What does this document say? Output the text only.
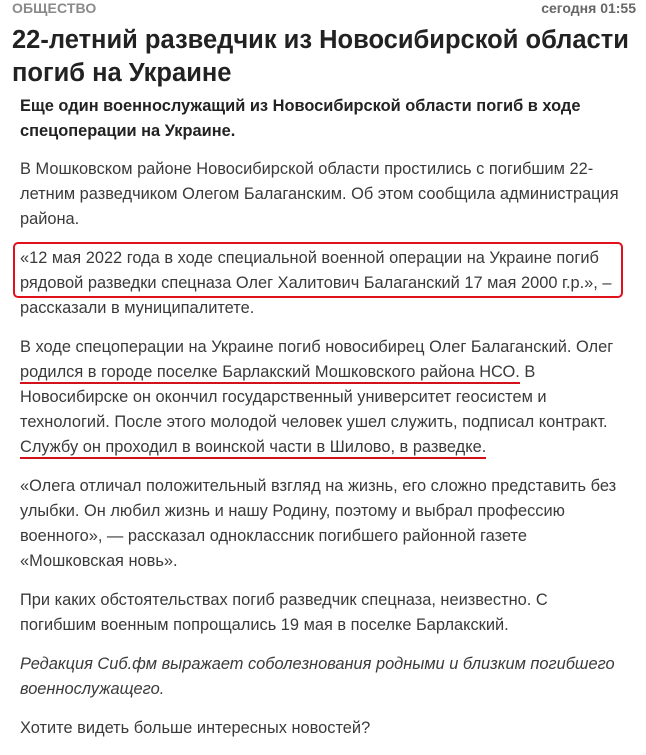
ОБЩЕСТВО	сегодня 01:55
22-летний разведчик из Новосибирской области погиб на Украине

Еще один военнослужащий из Новосибирской области погиб в ходе спецоперации на Украине.

В Мошковском районе Новосибирской области простились с погибшим 22-летним разведчиком Олегом Балаганским. Об этом сообщила администрация района.

«12 мая 2022 года в ходе специальной военной операции на Украине погиб рядовой разведки спецназа Олег Халитович Балаганский 17 мая 2000 г.р.», – рассказали в муниципалитете.

В ходе спецоперации на Украине погиб новосибирец Олег Балаганский. Олег родился в городе поселке Барлакский Мошковского района НСО. В Новосибирске он окончил государственный университет геосистем и технологий. После этого молодой человек ушел служить, подписал контракт. Службу он проходил в воинской части в Шилово, в разведке.

«Олега отличал положительный взгляд на жизнь, его сложно представить без улыбки. Он любил жизнь и нашу Родину, поэтому и выбрал профессию военного», — рассказал одноклассник погибшего районной газете «Мошковская новь».

При каких обстоятельствах погиб разведчик спецназа, неизвестно. С погибшим военным попрощались 19 мая в поселке Барлакский.

Редакция Сиб.фм выражает соболезнования родными и близким погибшего военнослужащего.

Хотите видеть больше интересных новостей?
